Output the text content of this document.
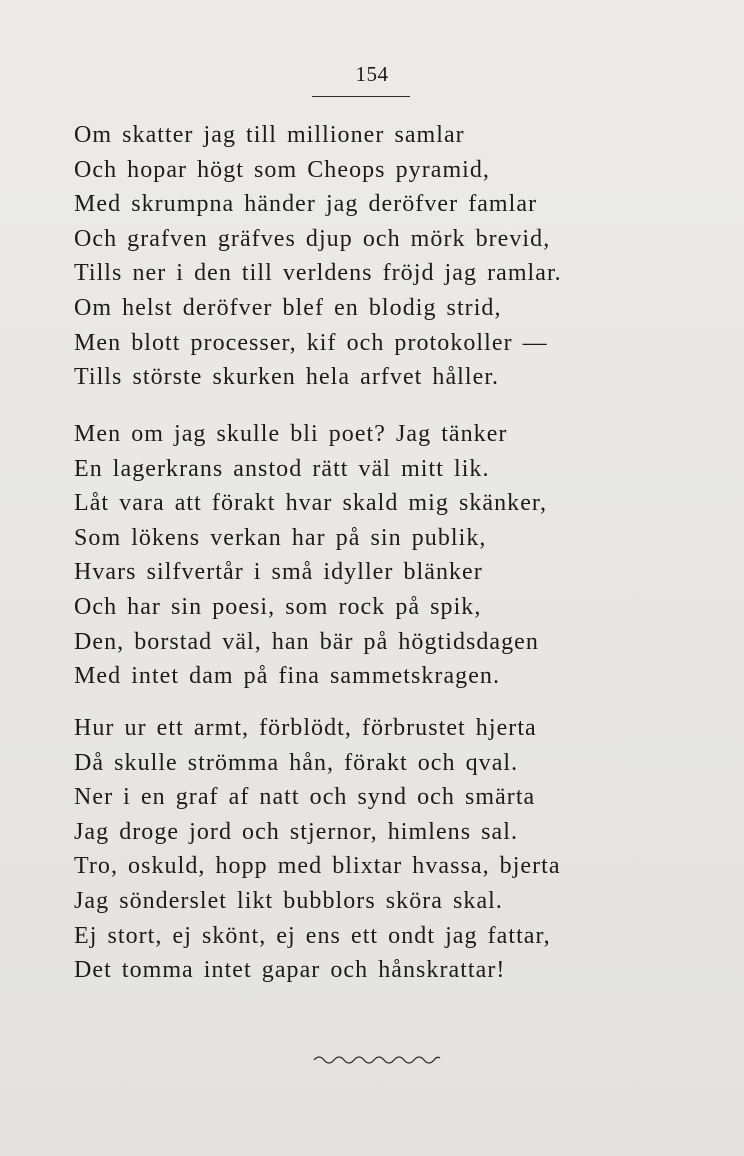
154
Om skatter jag till millioner samlar
Och hopar högt som Cheops pyramid,
Med skrumpna händer jag deröfver famlar
Och grafven gräfves djup och mörk brevid,
Tills ner i den till verldens fröjd jag ramlar.
Om helst deröfver blef en blodig strid,
Men blott processer, kif och protokoller —
Tills störste skurken hela arfvet håller.
Men om jag skulle bli poet? Jag tänker
En lagerkrans anstod rätt väl mitt lik.
Låt vara att förakt hvar skald mig skänker,
Som lökens verkan har på sin publik,
Hvars silfvertår i små idyller blänker
Och har sin poesi, som rock på spik,
Den, borstad väl, han bär på högtidsdagen
Med intet dam på fina sammetskragen.
Hur ur ett armt, förblödt, förbrustet hjerta
Då skulle strömma hån, förakt och qval.
Ner i en graf af natt och synd och smärta
Jag droge jord och stjernor, himlens sal.
Tro, oskuld, hopp med blixtar hvassa, bjerta
Jag sönderslet likt bubblors sköra skal.
Ej stort, ej skönt, ej ens ett ondt jag fattar,
Det tomma intet gapar och hånskrattar!
